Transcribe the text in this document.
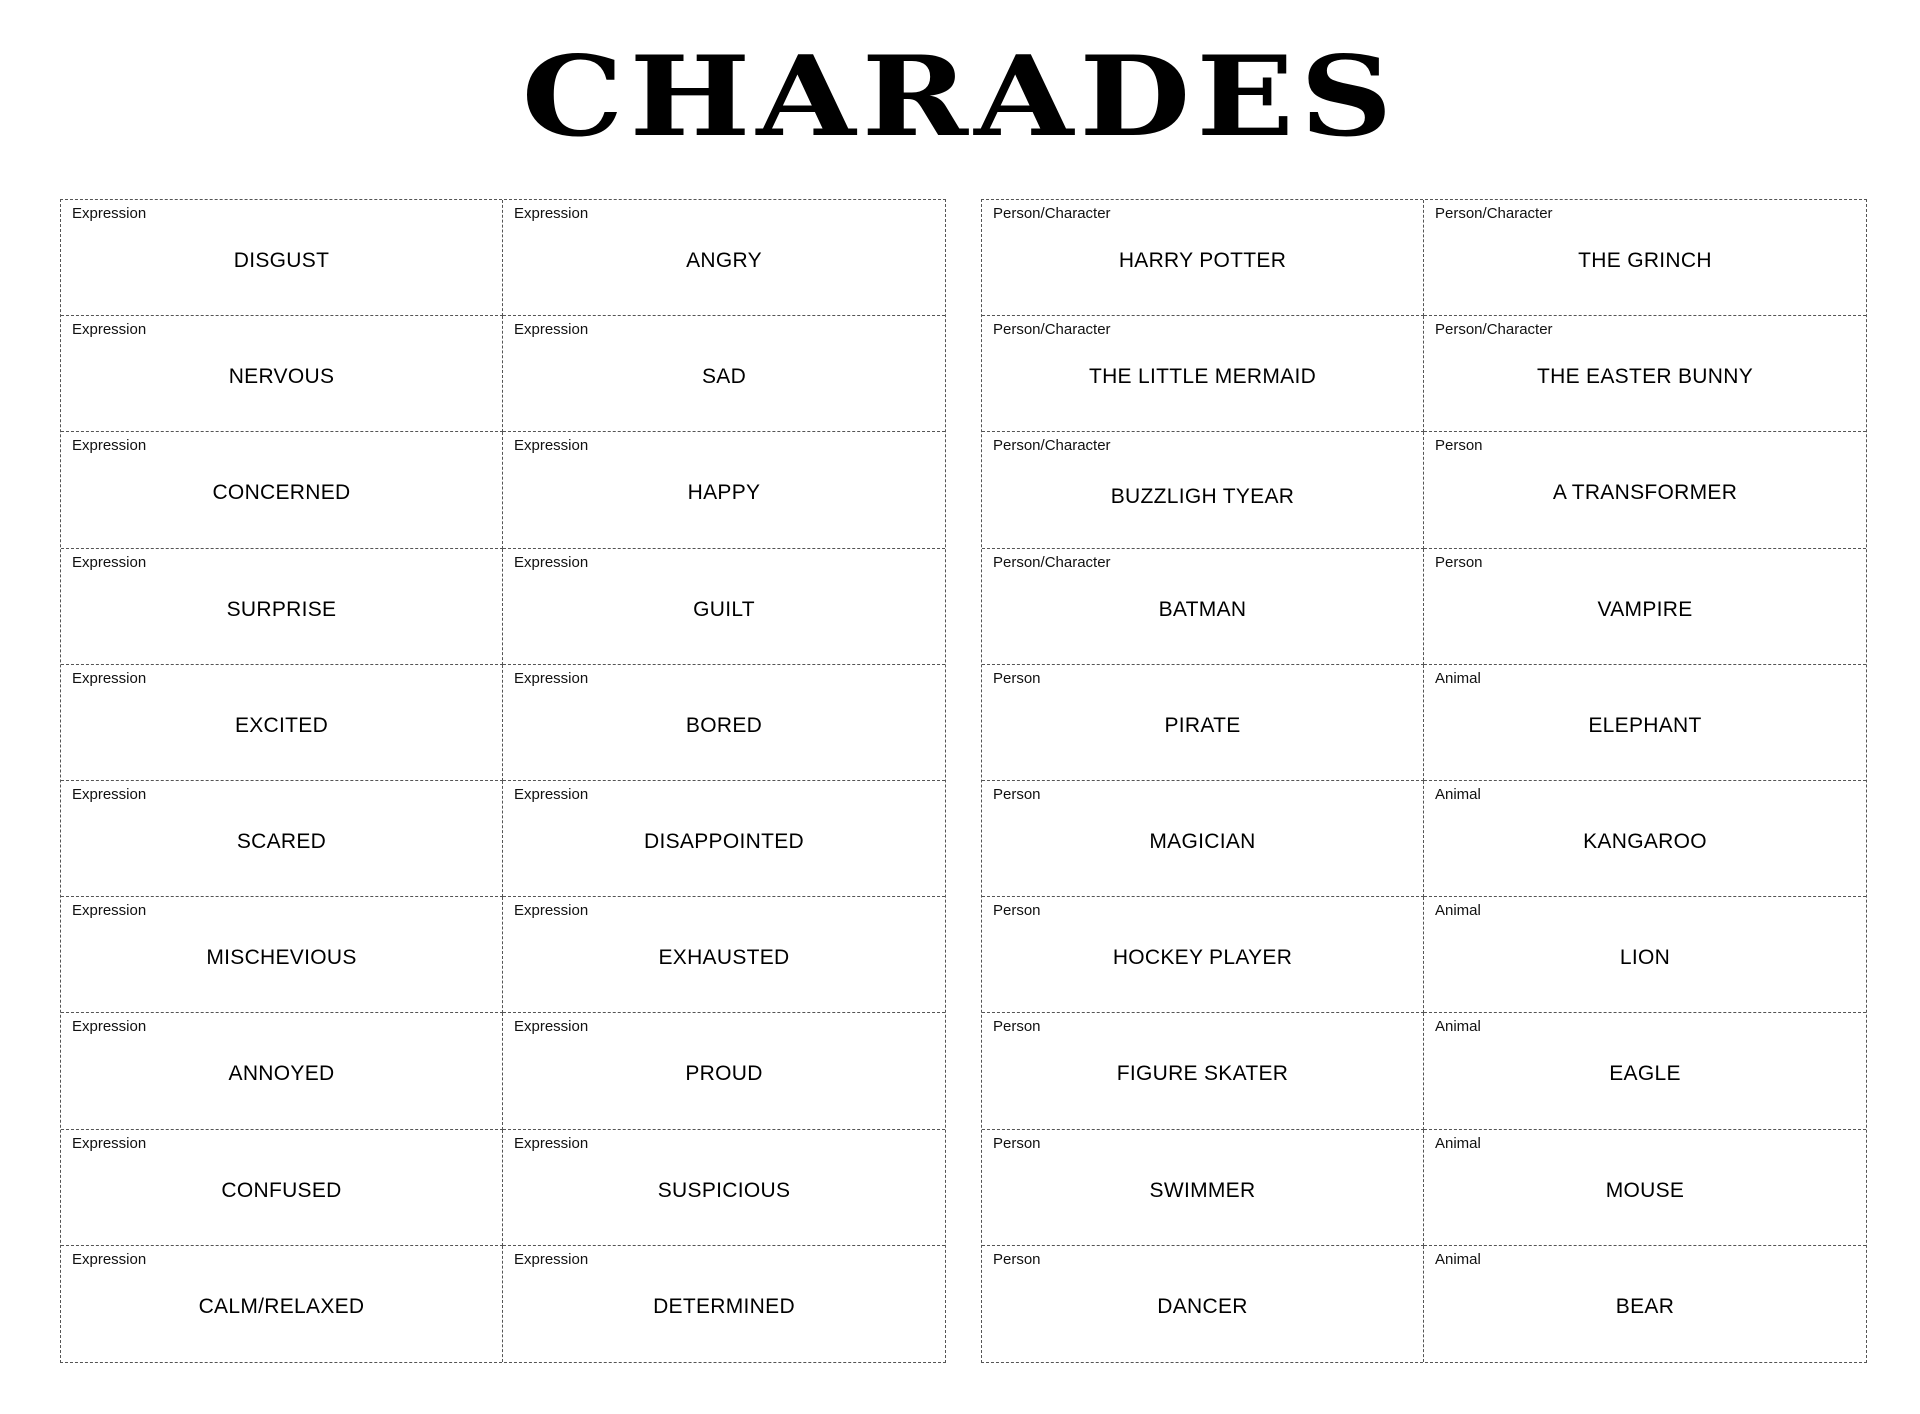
CHARADES
Expression
DISGUST
Expression
ANGRY
Expression
NERVOUS
Expression
SAD
Expression
CONCERNED
Expression
HAPPY
Expression
SURPRISE
Expression
GUILT
Expression
EXCITED
Expression
BORED
Expression
SCARED
Expression
DISAPPOINTED
Expression
MISCHEVIOUS
Expression
EXHAUSTED
Expression
ANNOYED
Expression
PROUD
Expression
CONFUSED
Expression
SUSPICIOUS
Expression
CALM/RELAXED
Expression
DETERMINED
Person/Character
HARRY POTTER
Person/Character
THE GRINCH
Person/Character
THE LITTLE MERMAID
Person/Character
THE EASTER BUNNY
Person/Character
BUZZLIGH TYEAR
Person
A TRANSFORMER
Person/Character
BATMAN
Person
VAMPIRE
Person
PIRATE
Animal
ELEPHANT
Person
MAGICIAN
Animal
KANGAROO
Person
HOCKEY PLAYER
Animal
LION
Person
FIGURE SKATER
Animal
EAGLE
Person
SWIMMER
Animal
MOUSE
Person
DANCER
Animal
BEAR
